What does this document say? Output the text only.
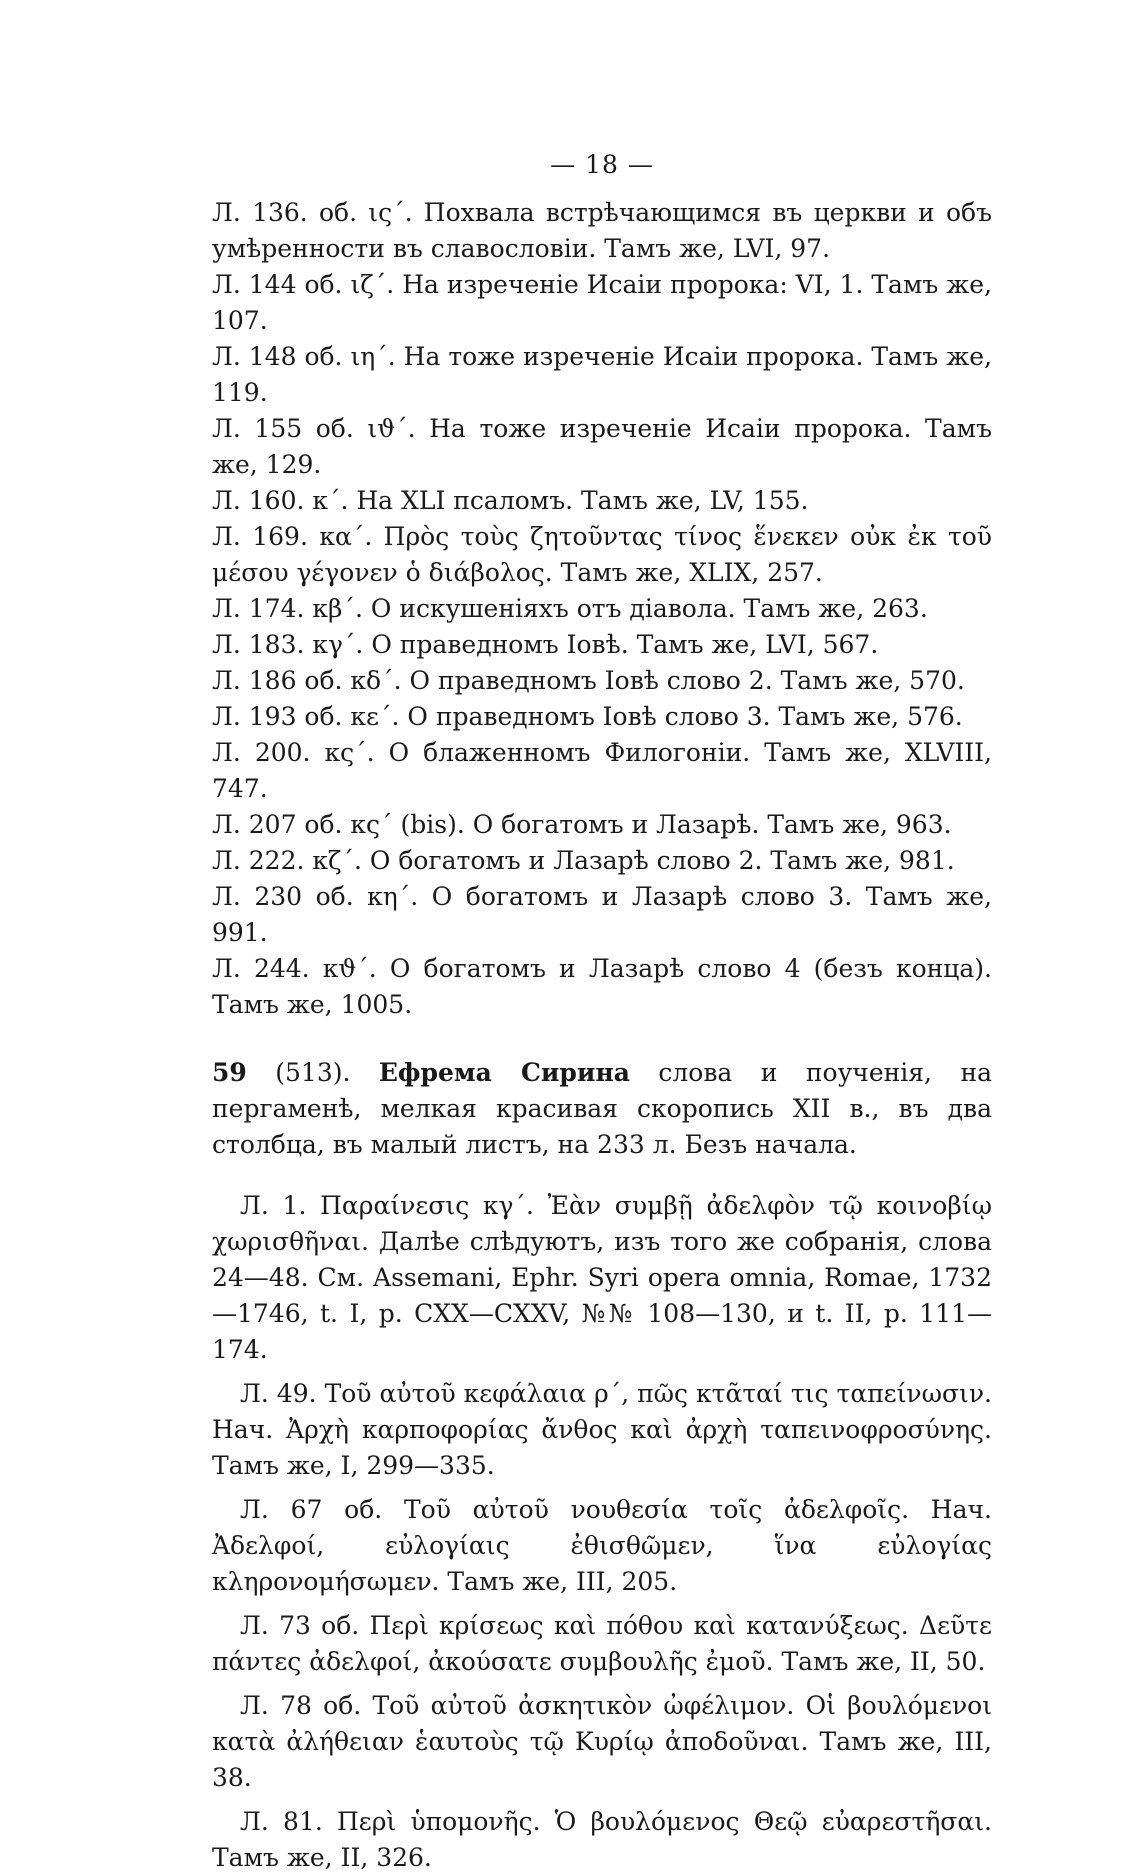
— 18 —

Л. 136. об. ις΄. Похвала встрѣчающимся въ церкви и объ умѣренности въ славословіи. Тамъ же, LVI, 97.

Л. 144 об. ιζ΄. На изреченіе Исаіи пророка: VI, 1. Тамъ же, 107.

Л. 148 об. ιη΄. На тоже изреченіе Исаіи пророка. Тамъ же, 119.

Л. 155 об. ιϑ΄. На тоже изреченіе Исаіи пророка. Тамъ же, 129.

Л. 160. κ΄. На XLI псаломъ. Тамъ же, LV, 155.

Л. 169. κα΄. Πρὸς τοὺς ζητοῦντας τίνος ἕνεκεν οὐκ ἐκ τοῦ μέσου γέγονεν ὁ διάβολος. Тамъ же, XLIX, 257.

Л. 174. κβ΄. О искушеніяхъ отъ діавола. Тамъ же, 263.

Л. 183. κγ΄. О праведномъ Іовѣ. Тамъ же, LVI, 567.

Л. 186 об. κδ΄. О праведномъ Іовѣ слово 2. Тамъ же, 570.

Л. 193 об. κε΄. О праведномъ Іовѣ слово 3. Тамъ же, 576.

Л. 200. κς΄. О блаженномъ Филогоніи. Тамъ же, XLVIII, 747.

Л. 207 об. κς΄ (bis). О богатомъ и Лазарѣ. Тамъ же, 963.

Л. 222. κζ΄. О богатомъ и Лазарѣ слово 2. Тамъ же, 981.

Л. 230 об. κη΄. О богатомъ и Лазарѣ слово 3. Тамъ же, 991.

Л. 244. κϑ΄. О богатомъ и Лазарѣ слово 4 (безъ конца). Тамъ же, 1005.

59 (513). Ефрема Сирина слова и поученія, на пергаменѣ, мелкая красивая скоропись XII в., въ два столбца, въ малый листъ, на 233 л. Безъ начала.

Л. 1. Παραίνεσις κγ΄. Ἐὰν συμβῇ ἀδελφὸν τῷ κοινοβίῳ χωρισθῆναι. Далѣе слѣдуютъ, изъ того же собранія, слова 24—48. См. Assemani, Ephr. Syri opera omnia, Romae, 1732—1746, t. I, p. CXX—CXXV, №№ 108—130, и t. II, p. 111—174.

Л. 49. Τοῦ αὐτοῦ κεφάλαια ρ΄, πῶς κτᾶταί τις ταπείνωσιν. Нач. Ἀρχὴ καρποφορίας ἄνθος καὶ ἀρχὴ ταπεινοφροσύνης. Тамъ же, I, 299—335.

Л. 67 об. Τοῦ αὐτοῦ νουθεσία τοῖς ἀδελφοῖς. Нач. Ἀδελφοί, εὐλογίαις ἐθισθῶμεν, ἵνα εὐλογίας κληρονομήσωμεν. Тамъ же, III, 205.

Л. 73 об. Περὶ κρίσεως καὶ πόθου καὶ κατανύξεως. Δεῦτε πάντες ἀδελφοί, ἀκούσατε συμβουλῆς ἐμοῦ. Тамъ же, II, 50.

Л. 78 об. Τοῦ αὐτοῦ ἀσκητικὸν ὠφέλιμον. Οἱ βουλόμενοι κατὰ ἀλήθειαν ἑαυτοὺς τῷ Κυρίῳ ἀποδοῦναι. Тамъ же, III, 38.

Л. 81. Περὶ ὑπομονῆς. Ὁ βουλόμενος Θεῷ εὐαρεστῆσαι. Тамъ же, II, 326.
